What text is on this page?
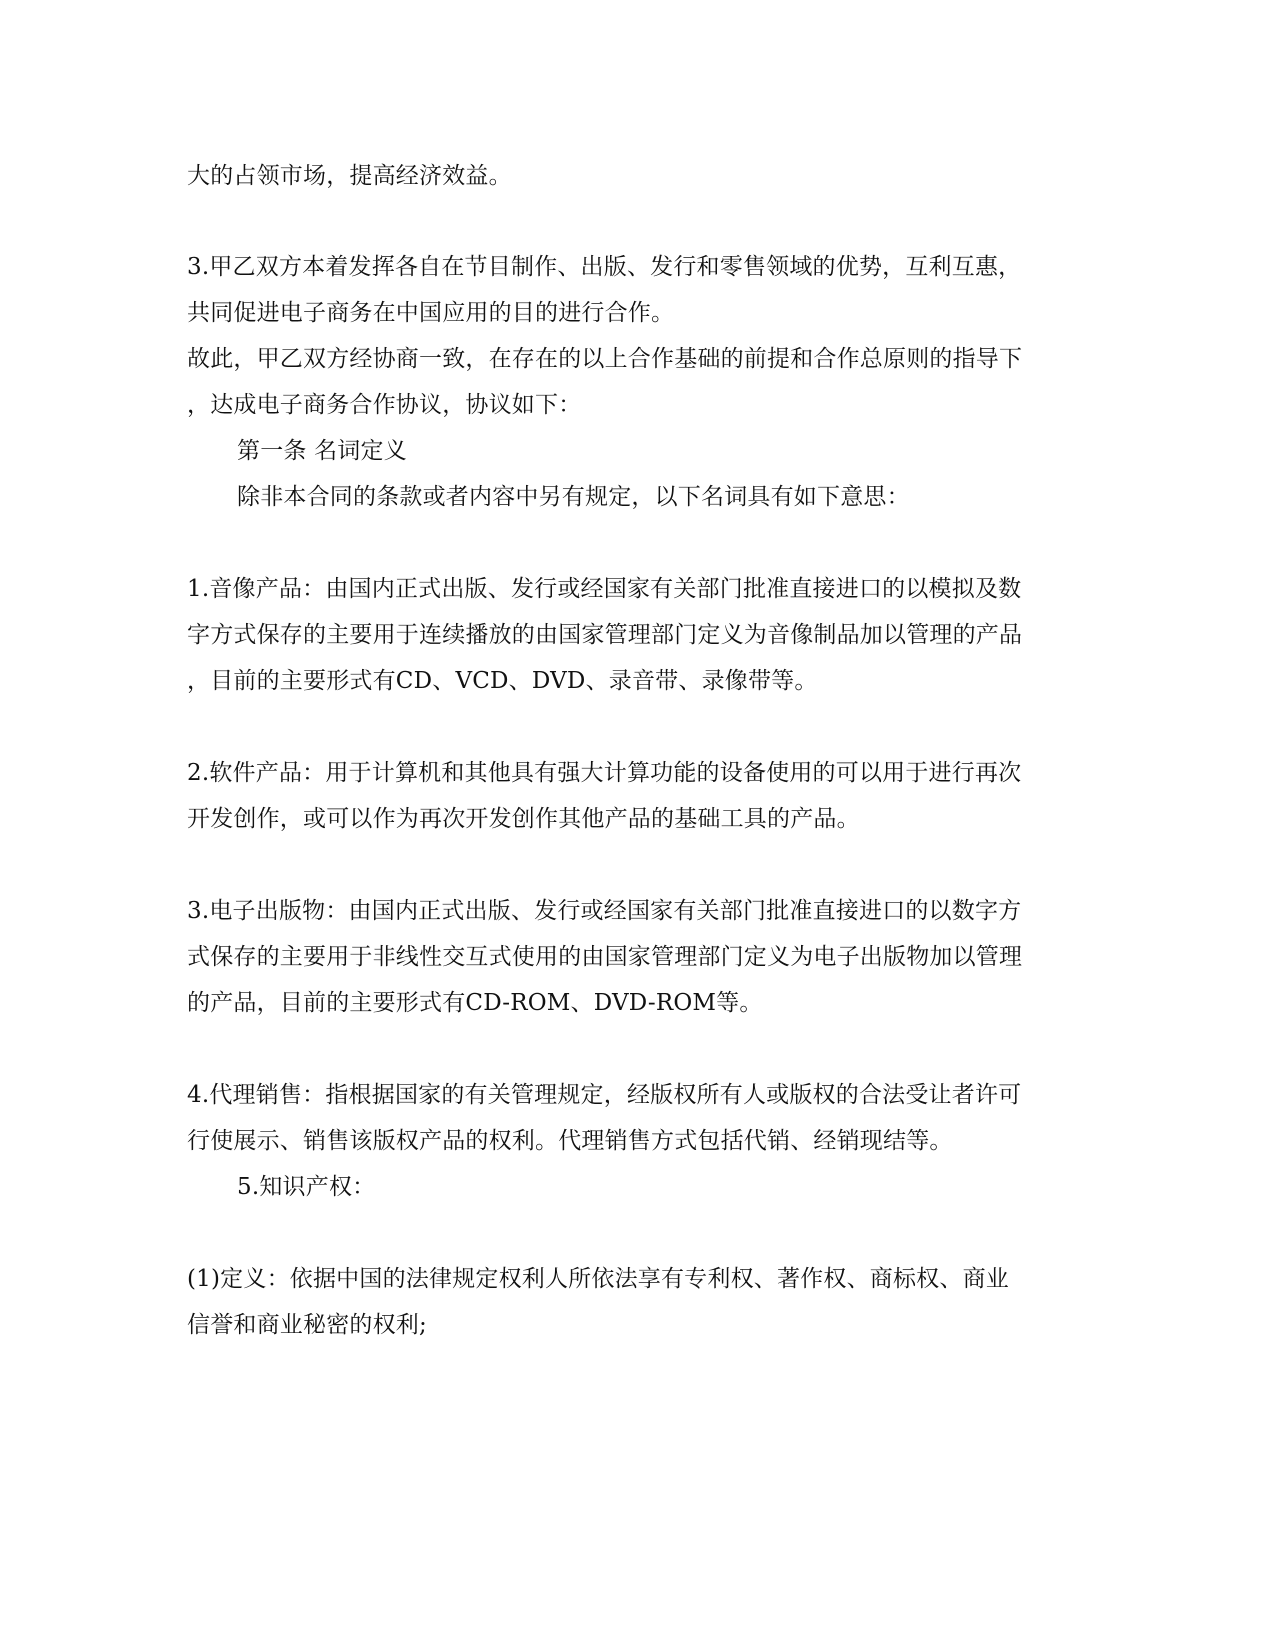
大的占领市场，提高经济效益。
3.甲乙双方本着发挥各自在节目制作、出版、发行和零售领域的优势，互利互惠，
共同促进电子商务在中国应用的目的进行合作。
故此，甲乙双方经协商一致，在存在的以上合作基础的前提和合作总原则的指导下
，达成电子商务合作协议，协议如下：
第一条 名词定义
除非本合同的条款或者内容中另有规定，以下名词具有如下意思：
1.音像产品：由国内正式出版、发行或经国家有关部门批准直接进口的以模拟及数
字方式保存的主要用于连续播放的由国家管理部门定义为音像制品加以管理的产品
，目前的主要形式有CD、VCD、DVD、录音带、录像带等。
2.软件产品：用于计算机和其他具有强大计算功能的设备使用的可以用于进行再次
开发创作，或可以作为再次开发创作其他产品的基础工具的产品。
3.电子出版物：由国内正式出版、发行或经国家有关部门批准直接进口的以数字方
式保存的主要用于非线性交互式使用的由国家管理部门定义为电子出版物加以管理
的产品，目前的主要形式有CD-ROM、DVD-ROM等。
4.代理销售：指根据国家的有关管理规定，经版权所有人或版权的合法受让者许可
行使展示、销售该版权产品的权利。代理销售方式包括代销、经销现结等。
5.知识产权：
(1)定义：依据中国的法律规定权利人所依法享有专利权、著作权、商标权、商业
信誉和商业秘密的权利;
